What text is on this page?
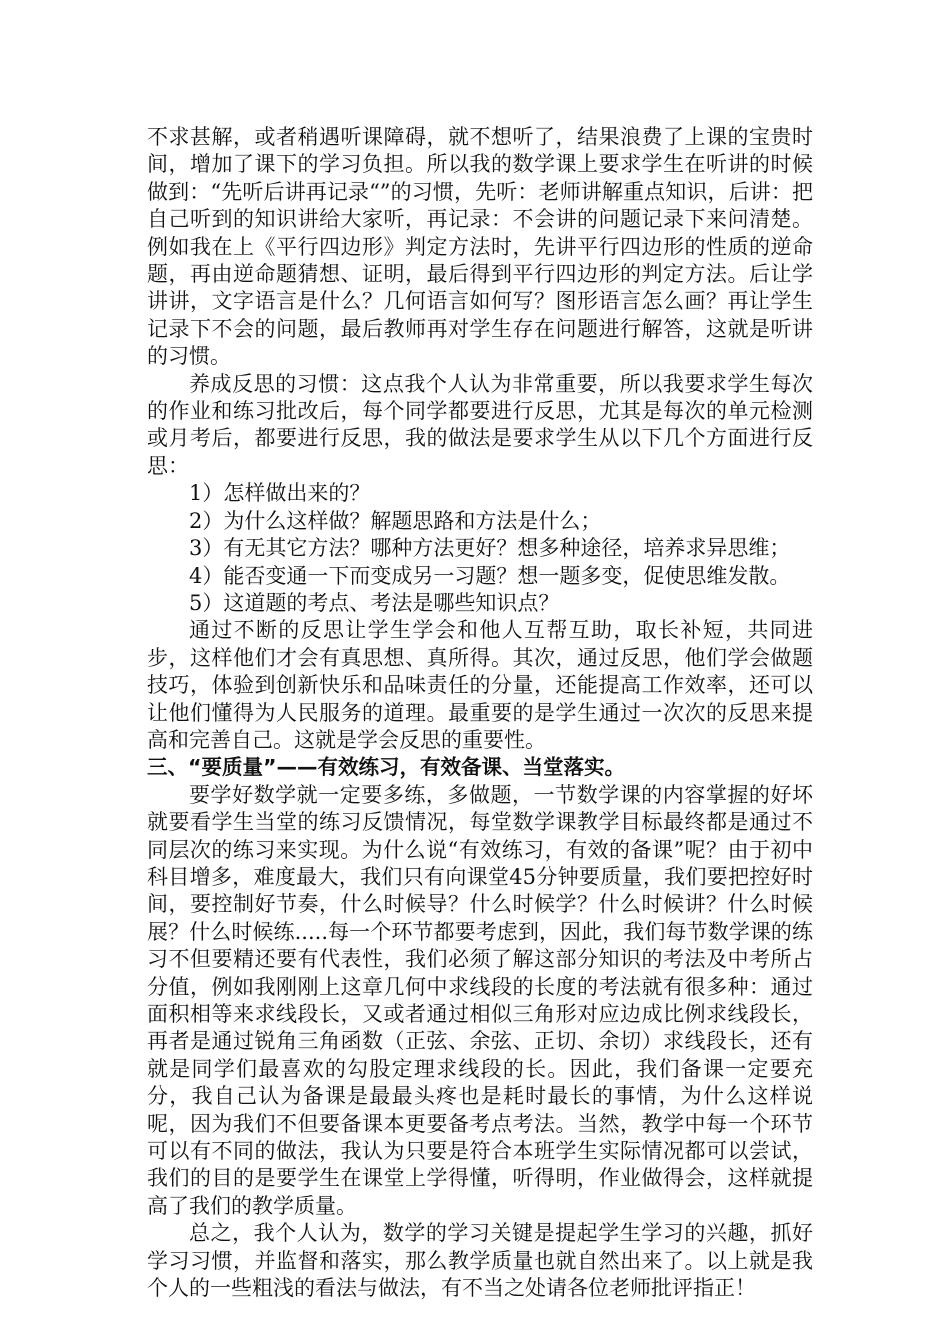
不求甚解，或者稍遇听课障碍，就不想听了，结果浪费了上课的宝贵时间，增加了课下的学习负担。所以我的数学课上要求学生在听讲的时候做到：“先听后讲再记录“”的习惯，先听：老师讲解重点知识，后讲：把自己听到的知识讲给大家听，再记录：不会讲的问题记录下来问清楚。例如我在上《平行四边形》判定方法时，先讲平行四边形的性质的逆命题，再由逆命题猜想、证明，最后得到平行四边形的判定方法。后让学讲讲，文字语言是什么？几何语言如何写？图形语言怎么画？再让学生记录下不会的问题，最后教师再对学生存在问题进行解答，这就是听讲的习惯。

养成反思的习惯：这点我个人认为非常重要，所以我要求学生每次的作业和练习批改后，每个同学都要进行反思，尤其是每次的单元检测或月考后，都要进行反思，我的做法是要求学生从以下几个方面进行反思：

1）怎样做出来的？

2）为什么这样做？解题思路和方法是什么；

3）有无其它方法？哪种方法更好？想多种途径，培养求异思维；

4）能否变通一下而变成另一习题？想一题多变，促使思维发散。

5）这道题的考点、考法是哪些知识点？

通过不断的反思让学生学会和他人互帮互助，取长补短，共同进步，这样他们才会有真思想、真所得。其次，通过反思，他们学会做题技巧，体验到创新快乐和品味责任的分量，还能提高工作效率，还可以让他们懂得为人民服务的道理。最重要的是学生通过一次次的反思来提高和完善自己。这就是学会反思的重要性。

三、“要质量”——有效练习，有效备课、当堂落实。

要学好数学就一定要多练，多做题，一节数学课的内容掌握的好坏就要看学生当堂的练习反馈情况，每堂数学课教学目标最终都是通过不同层次的练习来实现。为什么说“有效练习，有效的备课”呢？由于初中科目增多，难度最大，我们只有向课堂45分钟要质量，我们要把控好时间，要控制好节奏，什么时候导？什么时候学？什么时候讲？什么时候展？什么时候练.....每一个环节都要考虑到，因此，我们每节数学课的练习不但要精还要有代表性，我们必须了解这部分知识的考法及中考所占分值，例如我刚刚上这章几何中求线段的长度的考法就有很多种：通过面积相等来求线段长，又或者通过相似三角形对应边成比例求线段长，再者是通过锐角三角函数（正弦、余弦、正切、余切）求线段长，还有就是同学们最喜欢的勾股定理求线段的长。因此，我们备课一定要充分，我自己认为备课是最最头疼也是耗时最长的事情，为什么这样说呢，因为我们不但要备课本更要备考点考法。当然，教学中每一个环节可以有不同的做法，我认为只要是符合本班学生实际情况都可以尝试，我们的目的是要学生在课堂上学得懂，听得明，作业做得会，这样就提高了我们的教学质量。

总之，我个人认为，数学的学习关键是提起学生学习的兴趣，抓好学习习惯，并监督和落实，那么教学质量也就自然出来了。以上就是我个人的一些粗浅的看法与做法，有不当之处请各位老师批评指正！
